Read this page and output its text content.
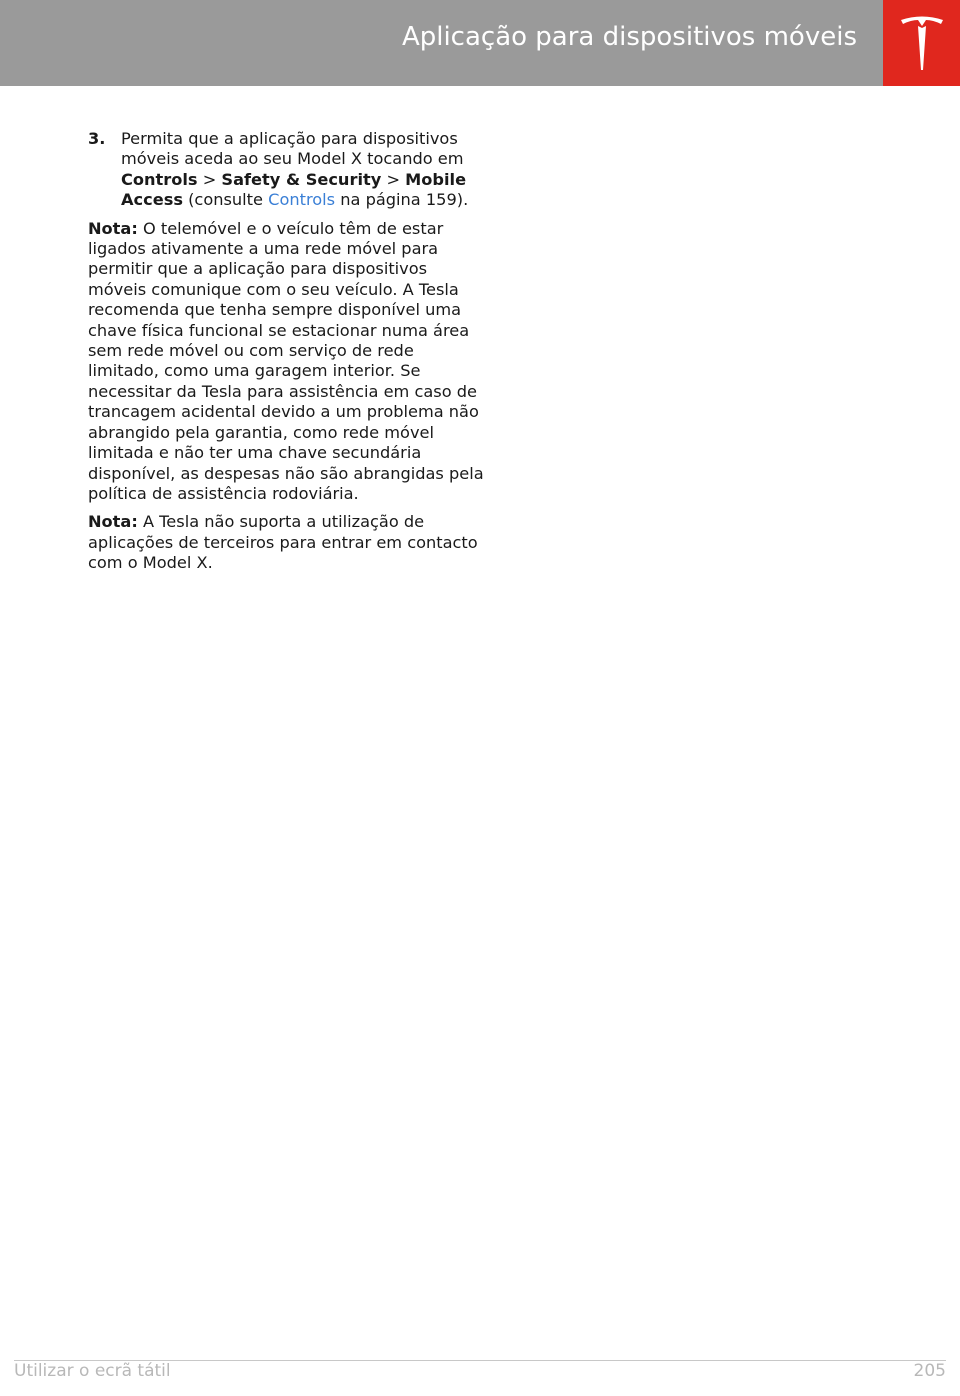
Aplicação para dispositivos móveis
3. Permita que a aplicação para dispositivos móveis aceda ao seu Model X tocando em Controls > Safety & Security > Mobile Access (consulte Controls na página 159).

Nota: O telemóvel e o veículo têm de estar ligados ativamente a uma rede móvel para permitir que a aplicação para dispositivos móveis comunique com o seu veículo. A Tesla recomenda que tenha sempre disponível uma chave física funcional se estacionar numa área sem rede móvel ou com serviço de rede limitado, como uma garagem interior. Se necessitar da Tesla para assistência em caso de trancagem acidental devido a um problema não abrangido pela garantia, como rede móvel limitada e não ter uma chave secundária disponível, as despesas não são abrangidas pela política de assistência rodoviária.

Nota: A Tesla não suporta a utilização de aplicações de terceiros para entrar em contacto com o Model X.

Utilizar o ecrã tátil	205
